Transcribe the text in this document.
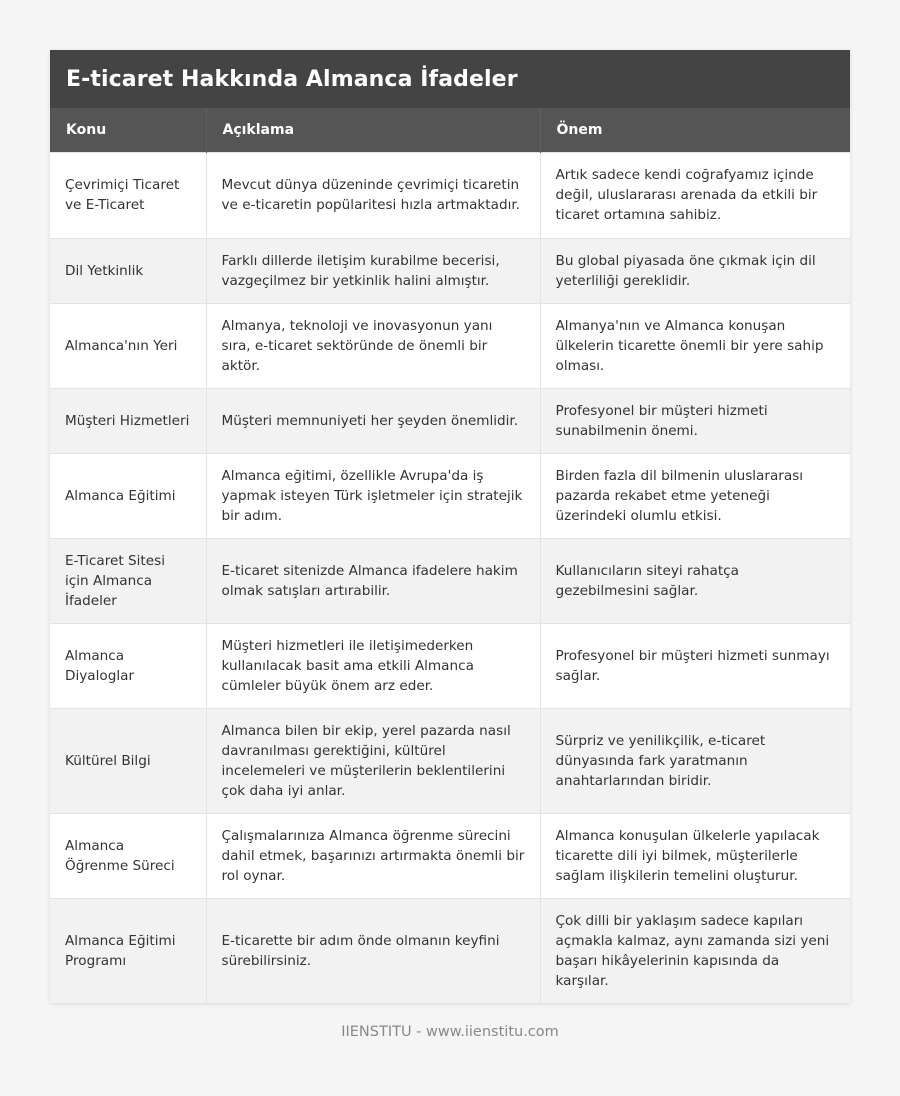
E-ticaret Hakkında Almanca İfadeler
Konu	Açıklama	Önem
Çevrimiçi Ticaret ve E-Ticaret	Mevcut dünya düzeninde çevrimiçi ticaretin ve e-ticaretin popülaritesi hızla artmaktadır.	Artık sadece kendi coğrafyamız içinde değil, uluslararası arenada da etkili bir ticaret ortamına sahibiz.
Dil Yetkinlik	Farklı dillerde iletişim kurabilme becerisi, vazgeçilmez bir yetkinlik halini almıştır.	Bu global piyasada öne çıkmak için dil yeterliliği gereklidir.
Almanca'nın Yeri	Almanya, teknoloji ve inovasyonun yanı sıra, e-ticaret sektöründe de önemli bir aktör.	Almanya'nın ve Almanca konuşan ülkelerin ticarette önemli bir yere sahip olması.
Müşteri Hizmetleri	Müşteri memnuniyeti her şeyden önemlidir.	Profesyonel bir müşteri hizmeti sunabilmenin önemi.
Almanca Eğitimi	Almanca eğitimi, özellikle Avrupa'da iş yapmak isteyen Türk işletmeler için stratejik bir adım.	Birden fazla dil bilmenin uluslararası pazarda rekabet etme yeteneği üzerindeki olumlu etkisi.
E-Ticaret Sitesi için Almanca İfadeler	E-ticaret sitenizde Almanca ifadelere hakim olmak satışları artırabilir.	Kullanıcıların siteyi rahatça gezebilmesini sağlar.
Almanca Diyaloglar	Müşteri hizmetleri ile iletişimederken kullanılacak basit ama etkili Almanca cümleler büyük önem arz eder.	Profesyonel bir müşteri hizmeti sunmayı sağlar.
Kültürel Bilgi	Almanca bilen bir ekip, yerel pazarda nasıl davranılması gerektiğini, kültürel incelemeleri ve müşterilerin beklentilerini çok daha iyi anlar.	Sürpriz ve yenilikçilik, e-ticaret dünyasında fark yaratmanın anahtarlarından biridir.
Almanca Öğrenme Süreci	Çalışmalarınıza Almanca öğrenme sürecini dahil etmek, başarınızı artırmakta önemli bir rol oynar.	Almanca konuşulan ülkelerle yapılacak ticarette dili iyi bilmek, müşterilerle sağlam ilişkilerin temelini oluşturur.
Almanca Eğitimi Programı	E-ticarette bir adım önde olmanın keyfini sürebilirsiniz.	Çok dilli bir yaklaşım sadece kapıları açmakla kalmaz, aynı zamanda sizi yeni başarı hikâyelerinin kapısında da karşılar.
IIENSTITU - www.iienstitu.com
